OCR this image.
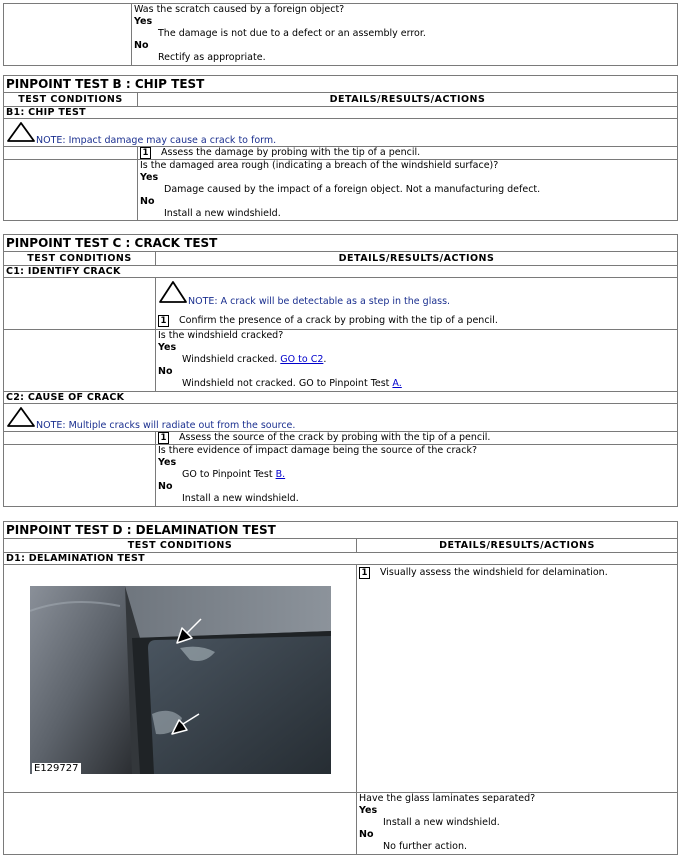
Was the scratch caused by a foreign object?
Yes
The damage is not due to a defect or an assembly error.
No
Rectify as appropriate.
PINPOINT TEST B : CHIP TEST	
TEST CONDITIONS	DETAILS/RESULTS/ACTIONS
B1: CHIP TEST	
NOTE: Impact damage may cause a crack to form.	
	1 Assess the damage by probing with the tip of a pencil.

	Is the damaged area rough (indicating a breach of the windshield surface)?
Yes
Damage caused by the impact of a foreign object. Not a manufacturing defect.
No
Install a new windshield.
PINPOINT TEST C : CRACK TEST	
TEST CONDITIONS	DETAILS/RESULTS/ACTIONS
C1: IDENTIFY CRACK	

	NOTE: A crack will be detectable as a step in the glass.
1 Confirm the presence of a crack by probing with the tip of a pencil.

	Is the windshield cracked?
Yes
Windshield cracked. GO to C2.
No
Windshield not cracked. GO to Pinpoint Test A.

C2: CAUSE OF CRACK	
NOTE: Multiple cracks will radiate out from the source.	
	1 Assess the source of the crack by probing with the tip of a pencil.

	Is there evidence of impact damage being the source of the crack?
Yes
GO to Pinpoint Test B.
No
Install a new windshield.
PINPOINT TEST D : DELAMINATION TEST	
TEST CONDITIONS	DETAILS/RESULTS/ACTIONS
D1: DELAMINATION TEST	
	1 Visually assess the windshield for delamination.

	Have the glass laminates separated?
Yes
Install a new windshield.
No
No further action.
E129727
